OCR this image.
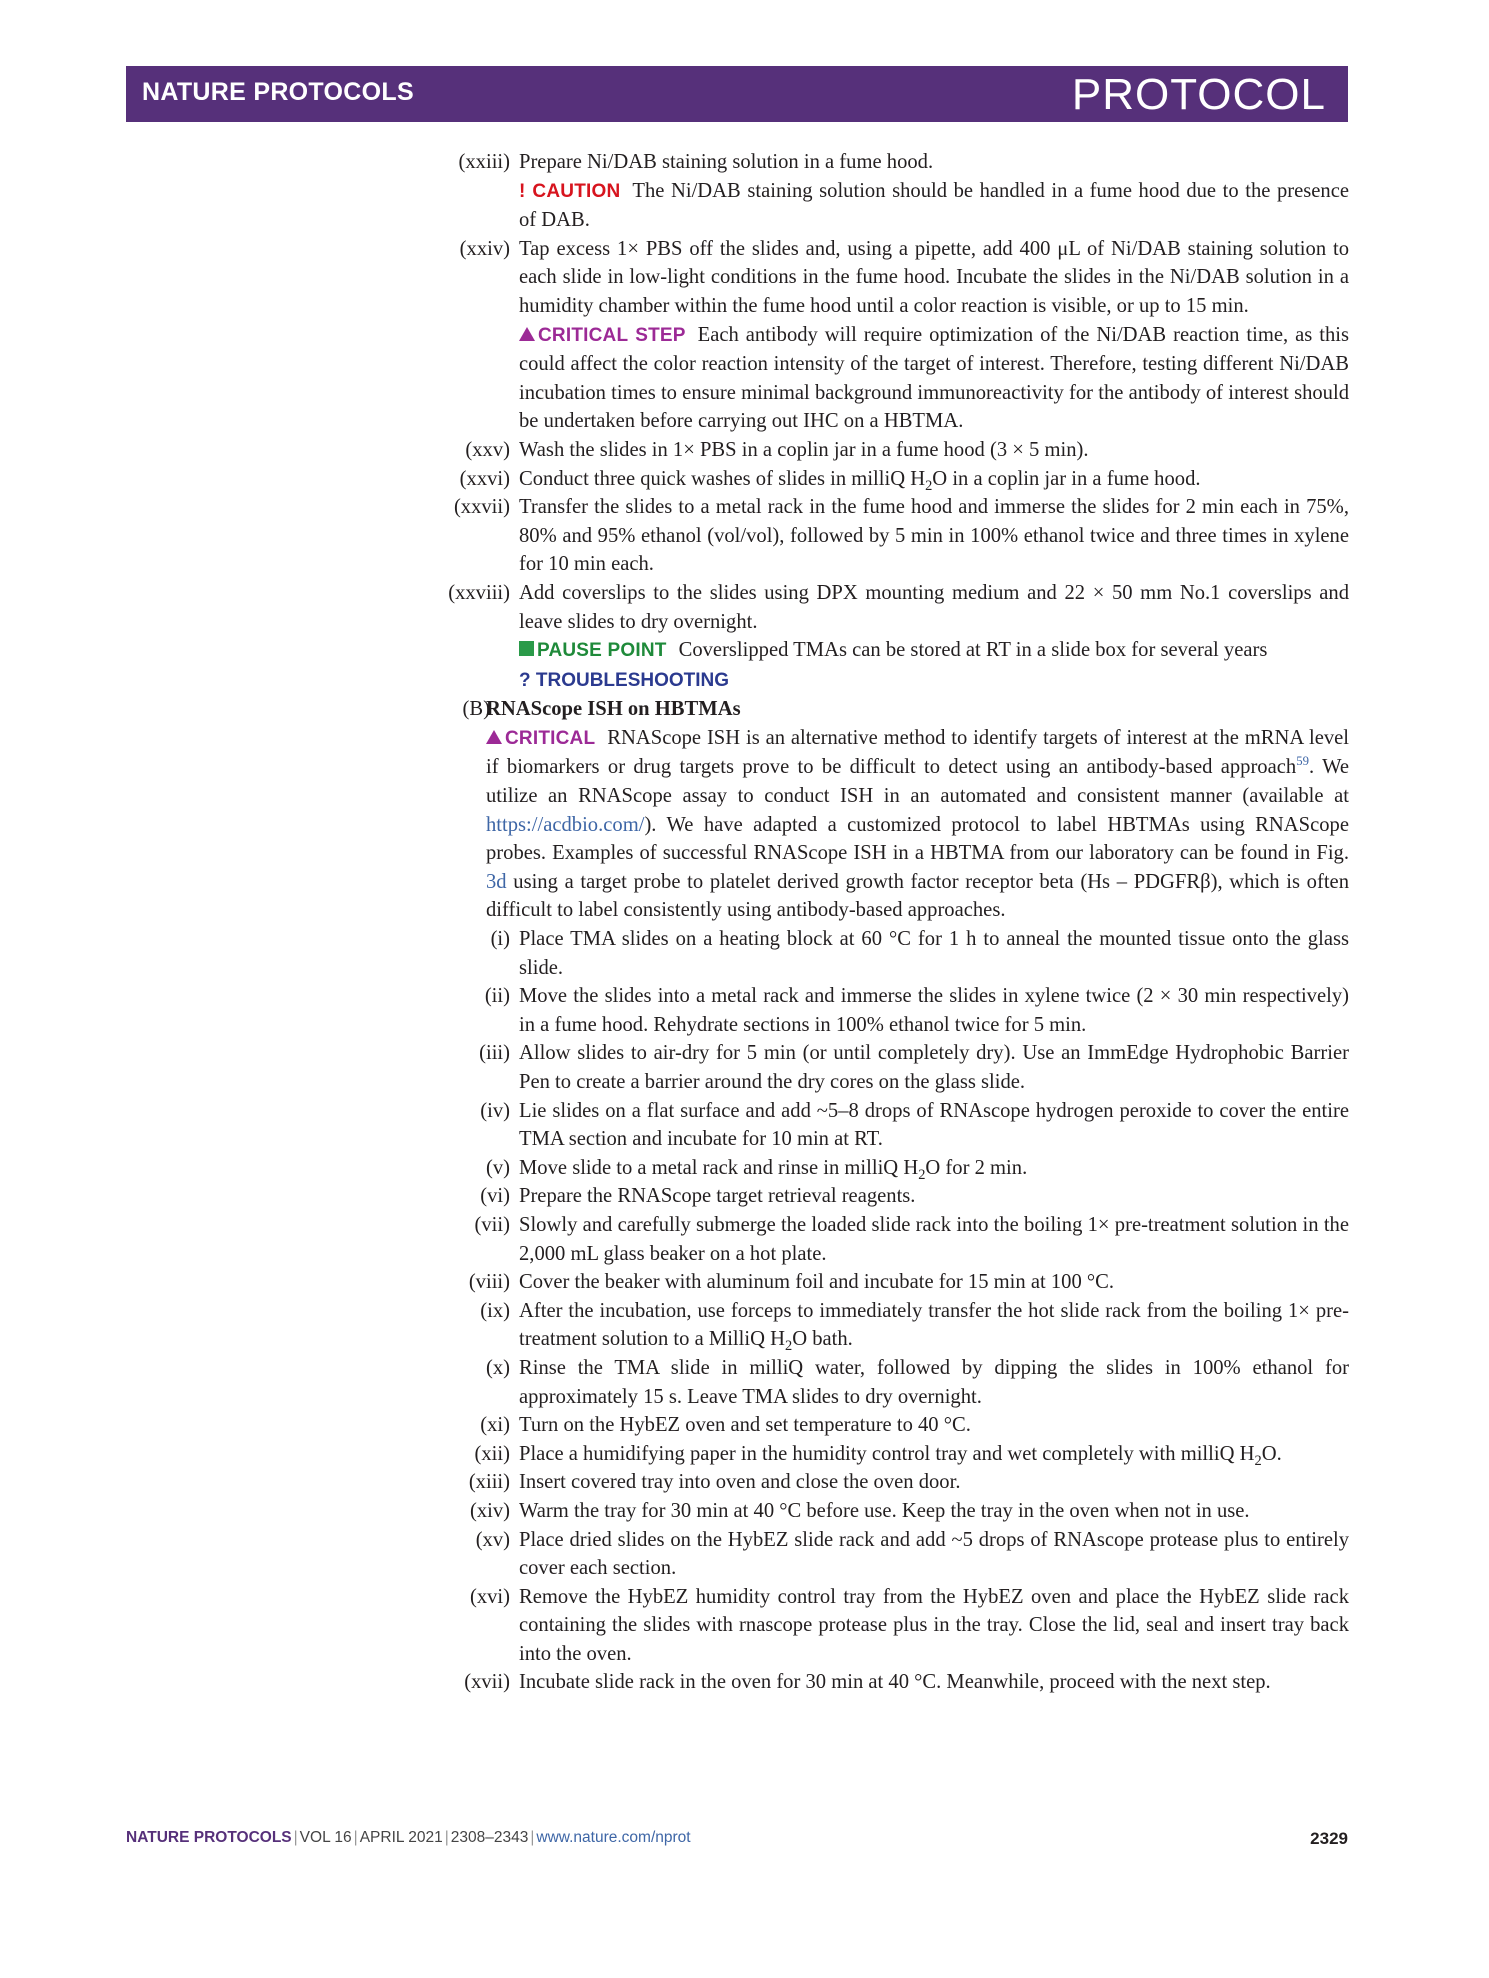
NATURE PROTOCOLS	PROTOCOL
(xxiii) Prepare Ni/DAB staining solution in a fume hood.
! CAUTION The Ni/DAB staining solution should be handled in a fume hood due to the presence of DAB.
(xxiv) Tap excess 1× PBS off the slides and, using a pipette, add 400 μL of Ni/DAB staining solution to each slide in low-light conditions in the fume hood. Incubate the slides in the Ni/DAB solution in a humidity chamber within the fume hood until a color reaction is visible, or up to 15 min.
CRITICAL STEP Each antibody will require optimization of the Ni/DAB reaction time, as this could affect the color reaction intensity of the target of interest. Therefore, testing different Ni/DAB incubation times to ensure minimal background immunoreactivity for the antibody of interest should be undertaken before carrying out IHC on a HBTMA.
(xxv) Wash the slides in 1× PBS in a coplin jar in a fume hood (3 × 5 min).
(xxvi) Conduct three quick washes of slides in milliQ $H_2O$ in a coplin jar in a fume hood.
(xxvii) Transfer the slides to a metal rack in the fume hood and immerse the slides for 2 min each in 75%, 80% and 95% ethanol (vol/vol), followed by 5 min in 100% ethanol twice and three times in xylene for 10 min each.
(xxviii) Add coverslips to the slides using DPX mounting medium and 22 × 50 mm No.1 coverslips and leave slides to dry overnight.
PAUSE POINT Coverslipped TMAs can be stored at RT in a slide box for several years
? TROUBLESHOOTING
(B)
RNAScope ISH on HBTMAs
CRITICAL RNAScope ISH is an alternative method to identify targets of interest at the mRNA level if biomarkers or drug targets prove to be difficult to detect using an antibody-based approach$^{59}$. We utilize an RNAScope assay to conduct ISH in an automated and consistent manner (available at https://acdbio.com/). We have adapted a customized protocol to label HBTMAs using RNAScope probes. Examples of successful RNAScope ISH in a HBTMA from our laboratory can be found in Fig. 3d using a target probe to platelet derived growth factor receptor beta (Hs – PDGFRβ), which is often difficult to label consistently using antibody-based approaches.
(i) Place TMA slides on a heating block at 60 °C for 1 h to anneal the mounted tissue onto the glass slide.
(ii) Move the slides into a metal rack and immerse the slides in xylene twice (2 × 30 min respectively) in a fume hood. Rehydrate sections in 100% ethanol twice for 5 min.
(iii) Allow slides to air-dry for 5 min (or until completely dry). Use an ImmEdge Hydrophobic Barrier Pen to create a barrier around the dry cores on the glass slide.
(iv) Lie slides on a flat surface and add ~5–8 drops of RNAscope hydrogen peroxide to cover the entire TMA section and incubate for 10 min at RT.
(v) Move slide to a metal rack and rinse in milliQ $H_2O$ for 2 min.
(vi) Prepare the RNAScope target retrieval reagents.
(vii) Slowly and carefully submerge the loaded slide rack into the boiling 1× pre-treatment solution in the 2,000 mL glass beaker on a hot plate.
(viii) Cover the beaker with aluminum foil and incubate for 15 min at 100 °C.
(ix) After the incubation, use forceps to immediately transfer the hot slide rack from the boiling 1× pre-treatment solution to a MilliQ $H_2O$ bath.
(x) Rinse the TMA slide in milliQ water, followed by dipping the slides in 100% ethanol for approximately 15 s. Leave TMA slides to dry overnight.
(xi) Turn on the HybEZ oven and set temperature to 40 °C.
(xii) Place a humidifying paper in the humidity control tray and wet completely with milliQ $H_2O$.
(xiii) Insert covered tray into oven and close the oven door.
(xiv) Warm the tray for 30 min at 40 °C before use. Keep the tray in the oven when not in use.
(xv) Place dried slides on the HybEZ slide rack and add ~5 drops of RNAscope protease plus to entirely cover each section.
(xvi) Remove the HybEZ humidity control tray from the HybEZ oven and place the HybEZ slide rack containing the slides with rnascope protease plus in the tray. Close the lid, seal and insert tray back into the oven.
(xvii) Incubate slide rack in the oven for 30 min at 40 °C. Meanwhile, proceed with the next step.
NATURE PROTOCOLS | VOL 16 | APRIL 2021 | 2308–2343 | www.nature.com/nprot	2329
